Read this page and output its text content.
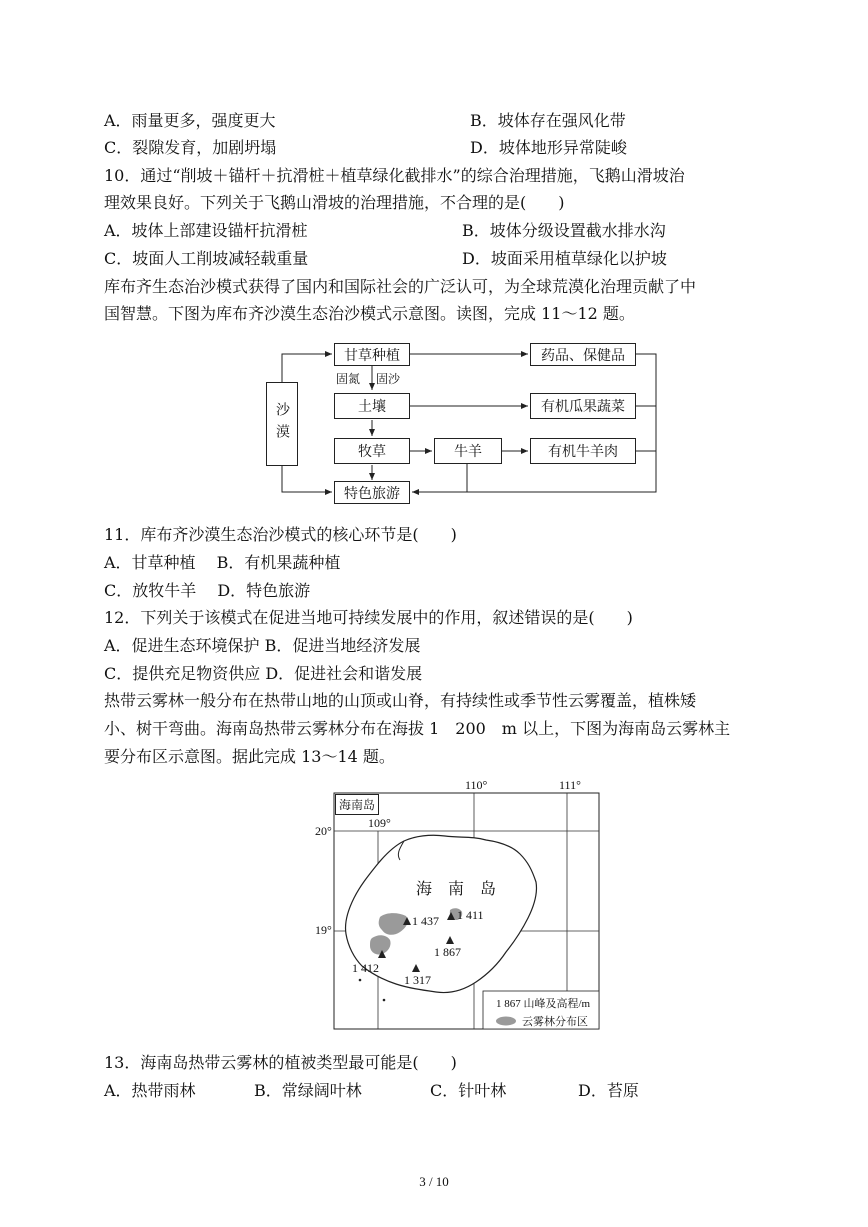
A．雨量更多，强度更大	B．坡体存在强风化带
C．裂隙发育，加剧坍塌	D．坡体地形异常陡峻
10．通过“削坡＋锚杆＋抗滑桩＋植草绿化截排水”的综合治理措施，飞鹅山滑坡治
理效果良好。下列关于飞鹅山滑坡的治理措施，不合理的是(　　)
A．坡体上部建设锚杆抗滑桩	B．坡体分级设置截水排水沟
C．坡面人工削坡减轻载重量	D．坡面采用植草绿化以护坡
库布齐生态治沙模式获得了国内和国际社会的广泛认可，为全球荒漠化治理贡献了中
国智慧。下图为库布齐沙漠生态治沙模式示意图。读图，完成 11～12 题。
沙漠
甘草种植	药品、保健品
固氮 固沙
土壤	有机瓜果蔬菜
牧草	牛羊	有机牛羊肉
特色旅游
11．库布齐沙漠生态治沙模式的核心环节是(　　)
A．甘草种植　 B．有机果蔬种植
C．放牧牛羊　 D．特色旅游
12．下列关于该模式在促进当地可持续发展中的作用，叙述错误的是(　　)
A．促进生态环境保护 B．促进当地经济发展
C．提供充足物资供应 D．促进社会和谐发展
热带云雾林一般分布在热带山地的山顶或山脊，有持续性或季节性云雾覆盖，植株矮
小、树干弯曲。海南岛热带云雾林分布在海拔 1　200　m 以上，下图为海南岛云雾林主
要分布区示意图。据此完成 13～14 题。
110°	111°
海南岛
20°
109°
19°
海　南　岛
1 437 1 411
1 867
1 412
1 317
1 867 山峰及高程/m
云雾林分布区
13．海南岛热带云雾林的植被类型最可能是(　　)
A．热带雨林	B．常绿阔叶林	C．针叶林	D．苔原
3 / 10
